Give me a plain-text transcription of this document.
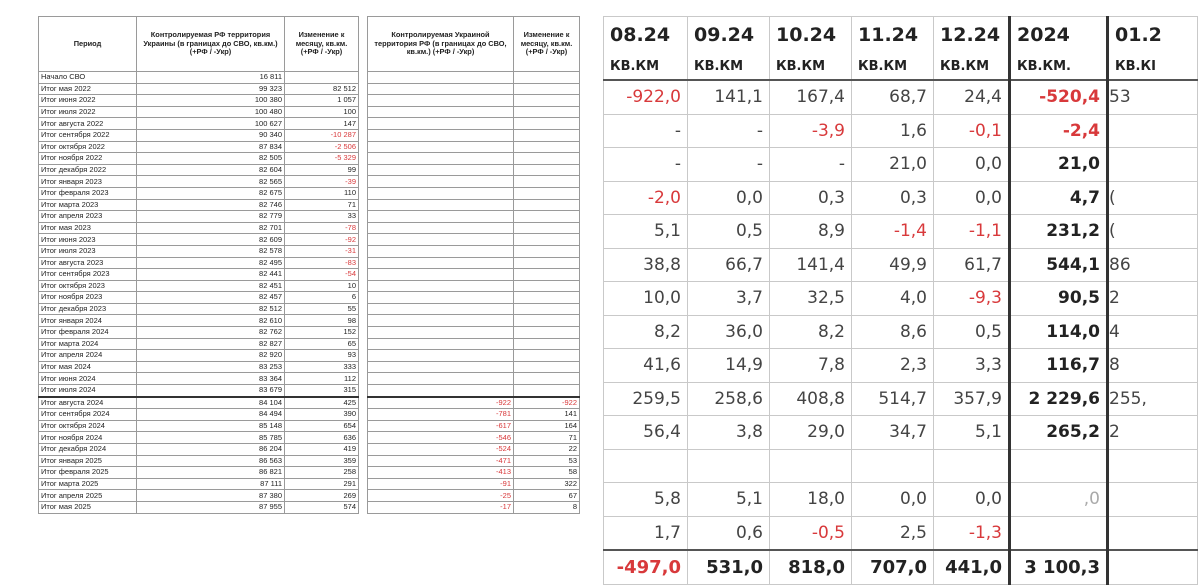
Период	Контролируемая РФ территория Украины (в границах до СВО, кв.км.) (+РФ / -Укр)	Изменение к месяцу, кв.км. (+РФ / -Укр)		Контролируемая Украиной территория РФ (в границах до СВО, кв.км.) (+РФ / -Укр)	Изменение к месяцу, кв.км. (+РФ / -Укр)
Начало СВО	16 811				
Итог мая 2022	99 323	82 512			
Итог июня 2022	100 380	1 057			
Итог июля 2022	100 480	100			
Итог августа 2022	100 627	147			
Итог сентября 2022	90 340	-10 287			
Итог октября 2022	87 834	-2 506			
Итог ноября 2022	82 505	-5 329			
Итог декабря 2022	82 604	99			
Итог января 2023	82 565	-39			
Итог февраля 2023	82 675	110			
Итог марта 2023	82 746	71			
Итог апреля 2023	82 779	33			
Итог мая 2023	82 701	-78			
Итог июня 2023	82 609	-92			
Итог июля 2023	82 578	-31			
Итог августа 2023	82 495	-83			
Итог сентября 2023	82 441	-54			
Итог октября 2023	82 451	10			
Итог ноября 2023	82 457	6			
Итог декабря 2023	82 512	55			
Итог января 2024	82 610	98			
Итог февраля 2024	82 762	152			
Итог марта 2024	82 827	65			
Итог апреля 2024	82 920	93			
Итог мая 2024	83 253	333			
Итог июня 2024	83 364	112			
Итог июля 2024	83 679	315			
Итог августа 2024	84 104	425		-922	-922
Итог сентября 2024	84 494	390		-781	141
Итог октября 2024	85 148	654		-617	164
Итог ноября 2024	85 785	636		-546	71
Итог декабря 2024	86 204	419		-524	22
Итог января 2025	86 563	359		-471	53
Итог февраля 2025	86 821	258		-413	58
Итог марта 2025	87 111	291		-91	322
Итог апреля 2025	87 380	269		-25	67
Итог мая 2025	87 955	574		-17	8
08.24	09.24	10.24	11.24	12.24	2024	01.2
КВ.КМ	КВ.КМ	КВ.КМ	КВ.КМ	КВ.КМ	КВ.КМ.	КВ.КІ
-922,0	141,1	167,4	68,7	24,4	-520,4	53
-	-	-3,9	1,6	-0,1	-2,4	
-	-	-	21,0	0,0	21,0	
-2,0	0,0	0,3	0,3	0,0	4,7	(
5,1	0,5	8,9	-1,4	-1,1	231,2	(
38,8	66,7	141,4	49,9	61,7	544,1	86
10,0	3,7	32,5	4,0	-9,3	90,5	2
8,2	36,0	8,2	8,6	0,5	114,0	4
41,6	14,9	7,8	2,3	3,3	116,7	8
259,5	258,6	408,8	514,7	357,9	2 229,6	255,
56,4	3,8	29,0	34,7	5,1	265,2	2

5,8	5,1	18,0	0,0	0,0	,0	
1,7	0,6	-0,5	2,5	-1,3		
-497,0	531,0	818,0	707,0	441,0	3 100,3	
